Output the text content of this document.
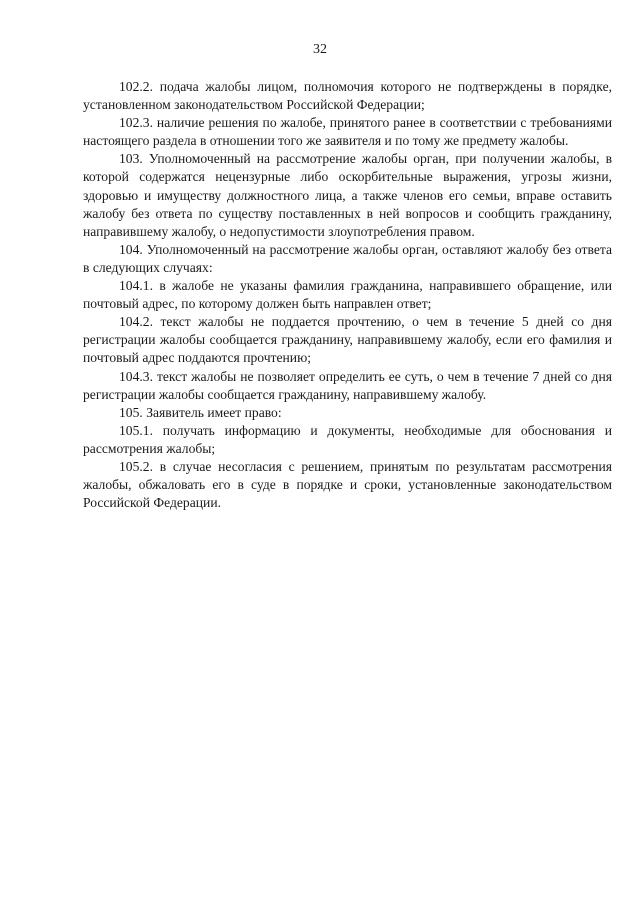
32

102.2. подача жалобы лицом, полномочия которого не подтверждены в порядке, установленном законодательством Российской Федерации;

102.3. наличие решения по жалобе, принятого ранее в соответствии с требованиями настоящего раздела в отношении того же заявителя и по тому же предмету жалобы.

103. Уполномоченный на рассмотрение жалобы орган, при получении жалобы, в которой содержатся нецензурные либо оскорбительные выражения, угрозы жизни, здоровью и имуществу должностного лица, а также членов его семьи, вправе оставить жалобу без ответа по существу поставленных в ней вопросов и сообщить гражданину, направившему жалобу, о недопустимости злоупотребления правом.

104. Уполномоченный на рассмотрение жалобы орган, оставляют жалобу без ответа в следующих случаях:

104.1. в жалобе не указаны фамилия гражданина, направившего обращение, или почтовый адрес, по которому должен быть направлен ответ;

104.2. текст жалобы не поддается прочтению, о чем в течение 5 дней со дня регистрации жалобы сообщается гражданину, направившему жалобу, если его фамилия и почтовый адрес поддаются прочтению;

104.3. текст жалобы не позволяет определить ее суть, о чем в течение 7 дней со дня регистрации жалобы сообщается гражданину, направившему жалобу.

105. Заявитель имеет право:

105.1. получать информацию и документы, необходимые для обоснования и рассмотрения жалобы;

105.2. в случае несогласия с решением, принятым по результатам рассмотрения жалобы, обжаловать его в суде в порядке и сроки, установленные законодательством Российской Федерации.
